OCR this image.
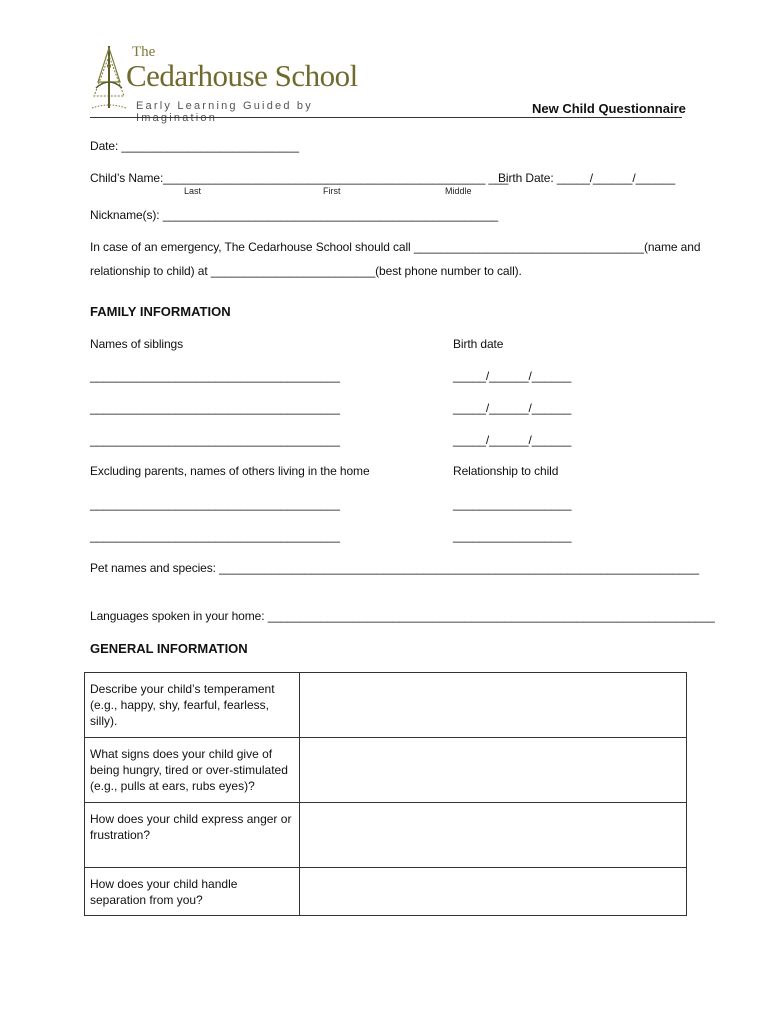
The
Cedarhouse School
Early Learning Guided by Imagination
New Child Questionnaire
Date: ___________________________
Child’s Name:_________________________________________________ ___
Birth Date: _____/______/______
Last	First	Middle
Nickname(s): ___________________________________________________
In case of an emergency, The Cedarhouse School should call ___________________________________(name and
relationship to child) at _________________________(best phone number to call).
FAMILY INFORMATION
Names of siblings	Birth date
______________________________________	_____/______/______
______________________________________	_____/______/______
______________________________________	_____/______/______
Excluding parents, names of others living in the home	Relationship to child
______________________________________	__________________
______________________________________	__________________
Pet names and species: _________________________________________________________________________
Languages spoken in your home: ____________________________________________________________________
GENERAL INFORMATION
Describe your child’s temperament (e.g., happy, shy, fearful, fearless, silly).	
What signs does your child give of being hungry, tired or over-stimulated (e.g., pulls at ears, rubs eyes)?	
How does your child express anger or frustration?	
How does your child handle separation from you?	
